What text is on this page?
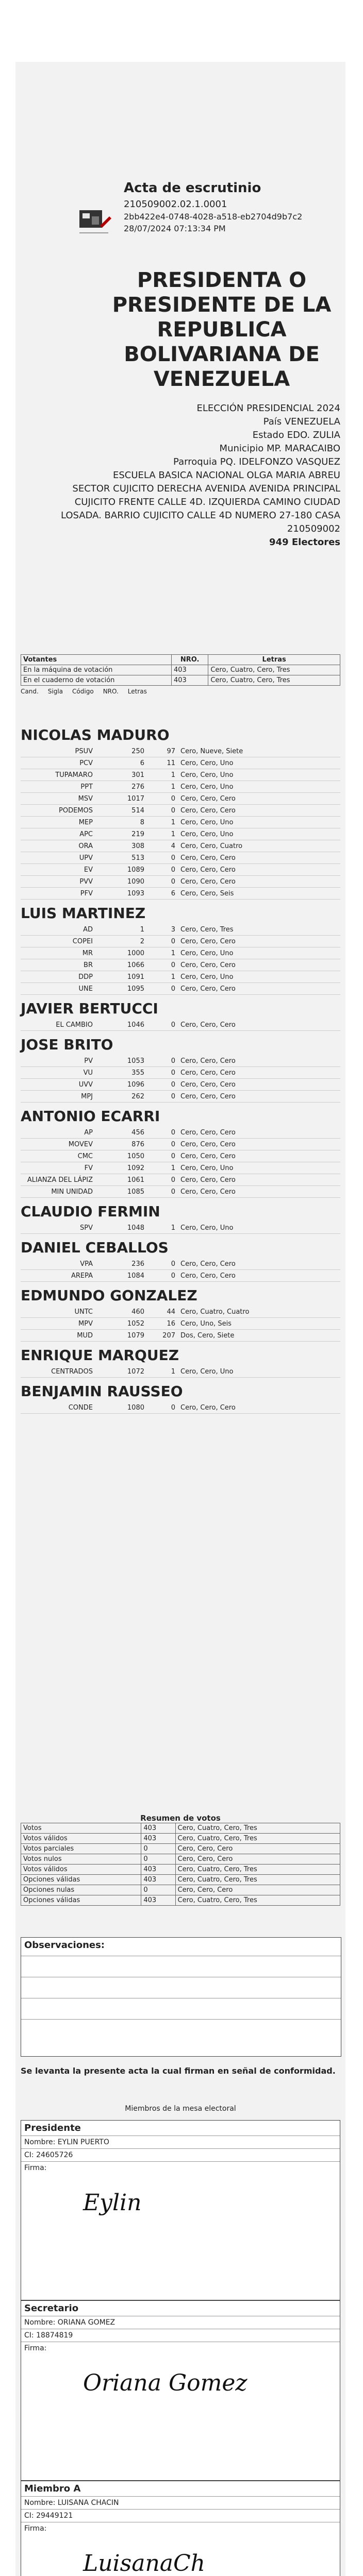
Acta de escrutinio
210509002.02.1.0001
2bb422e4-0748-4028-a518-eb2704d9b7c2
28/07/2024 07:13:34 PM
PRESIDENTA O PRESIDENTE DE LA REPUBLICA BOLIVARIANA DE VENEZUELA
ELECCIÓN PRESIDENCIAL 2024
País VENEZUELA
Estado EDO. ZULIA
Municipio MP. MARACAIBO
Parroquia PQ. IDELFONZO VASQUEZ
ESCUELA BASICA NACIONAL OLGA MARIA ABREU
SECTOR CUJICITO DERECHA AVENIDA AVENIDA PRINCIPAL CUJICITO FRENTE CALLE 4D. IZQUIERDA CAMINO CIUDAD LOSADA. BARRIO CUJICITO CALLE 4D NUMERO 27-180 CASA
210509002
949 Electores
Votantes	NRO.	Letras
En la máquina de votación	403	Cero, Cuatro, Cero, Tres
En el cuaderno de votación	403	Cero, Cuatro, Cero, Tres
Cand. Sigla Código NRO. Letras
NICOLAS MADURO
PSUV	250	97 Cero, Nueve, Siete
PCV	6	11 Cero, Cero, Uno
TUPAMARO	301	1 Cero, Cero, Uno
PPT	276	1 Cero, Cero, Uno
MSV	1017	0 Cero, Cero, Cero
PODEMOS	514	0 Cero, Cero, Cero
MEP	8	1 Cero, Cero, Uno
APC	219	1 Cero, Cero, Uno
ORA	308	4 Cero, Cero, Cuatro
UPV	513	0 Cero, Cero, Cero
EV	1089	0 Cero, Cero, Cero
PVV	1090	0 Cero, Cero, Cero
PFV	1093	6 Cero, Cero, Seis
LUIS MARTINEZ
AD	1	3 Cero, Cero, Tres
COPEI	2	0 Cero, Cero, Cero
MR	1000	1 Cero, Cero, Uno
BR	1066	0 Cero, Cero, Cero
DDP	1091	1 Cero, Cero, Uno
UNE	1095	0 Cero, Cero, Cero
JAVIER BERTUCCI
EL CAMBIO	1046	0 Cero, Cero, Cero
JOSE BRITO
PV	1053	0 Cero, Cero, Cero
VU	355	0 Cero, Cero, Cero
UVV	1096	0 Cero, Cero, Cero
MPJ	262	0 Cero, Cero, Cero
ANTONIO ECARRI
AP	456	0 Cero, Cero, Cero
MOVEV	876	0 Cero, Cero, Cero
CMC	1050	0 Cero, Cero, Cero
FV	1092	1 Cero, Cero, Uno
ALIANZA DEL LÁPIZ	1061	0 Cero, Cero, Cero
MIN UNIDAD	1085	0 Cero, Cero, Cero
CLAUDIO FERMIN
SPV	1048	1 Cero, Cero, Uno
DANIEL CEBALLOS
VPA	236	0 Cero, Cero, Cero
AREPA	1084	0 Cero, Cero, Cero
EDMUNDO GONZALEZ
UNTC	460	44 Cero, Cuatro, Cuatro
MPV	1052	16 Cero, Uno, Seis
MUD	1079	207 Dos, Cero, Siete
ENRIQUE MARQUEZ
CENTRADOS	1072	1 Cero, Cero, Uno
BENJAMIN RAUSSEO
CONDE	1080	0 Cero, Cero, Cero
Resumen de votos
Votos	403	Cero, Cuatro, Cero, Tres
Votos válidos	403	Cero, Cuatro, Cero, Tres
Votos parciales	0	Cero, Cero, Cero
Votos nulos	0	Cero, Cero, Cero
Votos válidos	403	Cero, Cuatro, Cero, Tres
Opciones válidas	403	Cero, Cuatro, Cero, Tres
Opciones nulas	0	Cero, Cero, Cero
Opciones válidas	403	Cero, Cuatro, Cero, Tres
Observaciones:
Se levanta la presente acta la cual firman en señal de conformidad.
Miembros de la mesa electoral
Presidente
Nombre: EYLIN PUERTO
CI: 24605726
Firma:
Eylin
Secretario
Nombre: ORIANA GOMEZ
CI: 18874819
Firma:
Oriana Gomez
Miembro A
Nombre: LUISANA CHACIN
CI: 29449121
Firma:
LuisanaCh
